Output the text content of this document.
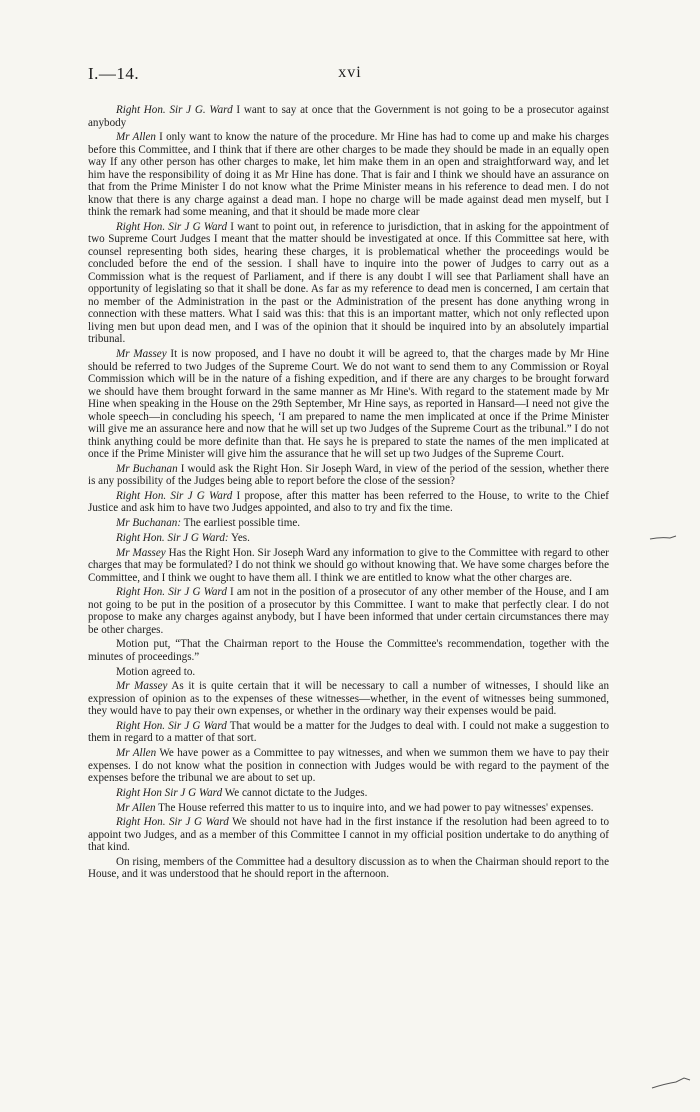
I.—14.	xvi

Right Hon. Sir J G. Ward I want to say at once that the Government is not going to be a prosecutor against anybody

Mr Allen I only want to know the nature of the procedure. Mr Hine has had to come up and make his charges before this Committee, and I think that if there are other charges to be made they should be made in an equally open way If any other person has other charges to make, let him make them in an open and straightforward way, and let him have the responsibility of doing it as Mr Hine has done. That is fair and I think we should have an assurance on that from the Prime Minister I do not know what the Prime Minister means in his reference to dead men. I do not know that there is any charge against a dead man. I hope no charge will be made against dead men myself, but I think the remark had some meaning, and that it should be made more clear

Right Hon. Sir J G Ward I want to point out, in reference to jurisdiction, that in asking for the appointment of two Supreme Court Judges I meant that the matter should be investigated at once. If this Committee sat here, with counsel representing both sides, hearing these charges, it is problematical whether the proceedings would be concluded before the end of the session. I shall have to inquire into the power of Judges to carry out as a Commission what is the request of Parliament, and if there is any doubt I will see that Parliament shall have an opportunity of legislating so that it shall be done. As far as my reference to dead men is concerned, I am certain that no member of the Administration in the past or the Administration of the present has done anything wrong in connection with these matters. What I said was this: that this is an important matter, which not only reflected upon living men but upon dead men, and I was of the opinion that it should be inquired into by an absolutely impartial tribunal.

Mr Massey It is now proposed, and I have no doubt it will be agreed to, that the charges made by Mr Hine should be referred to two Judges of the Supreme Court. We do not want to send them to any Commission or Royal Commission which will be in the nature of a fishing expedition, and if there are any charges to be brought forward we should have them brought forward in the same manner as Mr Hine's. With regard to the statement made by Mr Hine when speaking in the House on the 29th September, Mr Hine says, as reported in Hansard—I need not give the whole speech—in concluding his speech, ‘I am prepared to name the men implicated at once if the Prime Minister will give me an assurance here and now that he will set up two Judges of the Supreme Court as the tribunal.” I do not think anything could be more definite than that. He says he is prepared to state the names of the men implicated at once if the Prime Minister will give him the assurance that he will set up two Judges of the Supreme Court.

Mr Buchanan I would ask the Right Hon. Sir Joseph Ward, in view of the period of the session, whether there is any possibility of the Judges being able to report before the close of the session?

Right Hon. Sir J G Ward I propose, after this matter has been referred to the House, to write to the Chief Justice and ask him to have two Judges appointed, and also to try and fix the time.

Mr Buchanan: The earliest possible time.

Right Hon. Sir J G Ward: Yes.

Mr Massey Has the Right Hon. Sir Joseph Ward any information to give to the Committee with regard to other charges that may be formulated? I do not think we should go without knowing that. We have some charges before the Committee, and I think we ought to have them all. I think we are entitled to know what the other charges are.

Right Hon. Sir J G Ward I am not in the position of a prosecutor of any other member of the House, and I am not going to be put in the position of a prosecutor by this Committee. I want to make that perfectly clear. I do not propose to make any charges against anybody, but I have been informed that under certain circumstances there may be other charges.

Motion put, “That the Chairman report to the House the Committee's recommendation, together with the minutes of proceedings.”

Motion agreed to.

Mr Massey As it is quite certain that it will be necessary to call a number of witnesses, I should like an expression of opinion as to the expenses of these witnesses—whether, in the event of witnesses being summoned, they would have to pay their own expenses, or whether in the ordinary way their expenses would be paid.

Right Hon. Sir J G Ward That would be a matter for the Judges to deal with. I could not make a suggestion to them in regard to a matter of that sort.

Mr Allen We have power as a Committee to pay witnesses, and when we summon them we have to pay their expenses. I do not know what the position in connection with Judges would be with regard to the payment of the expenses before the tribunal we are about to set up.

Right Hon Sir J G Ward We cannot dictate to the Judges.

Mr Allen The House referred this matter to us to inquire into, and we had power to pay witnesses' expenses.

Right Hon. Sir J G Ward We should not have had in the first instance if the resolution had been agreed to to appoint two Judges, and as a member of this Committee I cannot in my official position undertake to do anything of that kind.

On rising, members of the Committee had a desultory discussion as to when the Chairman should report to the House, and it was understood that he should report in the afternoon.
